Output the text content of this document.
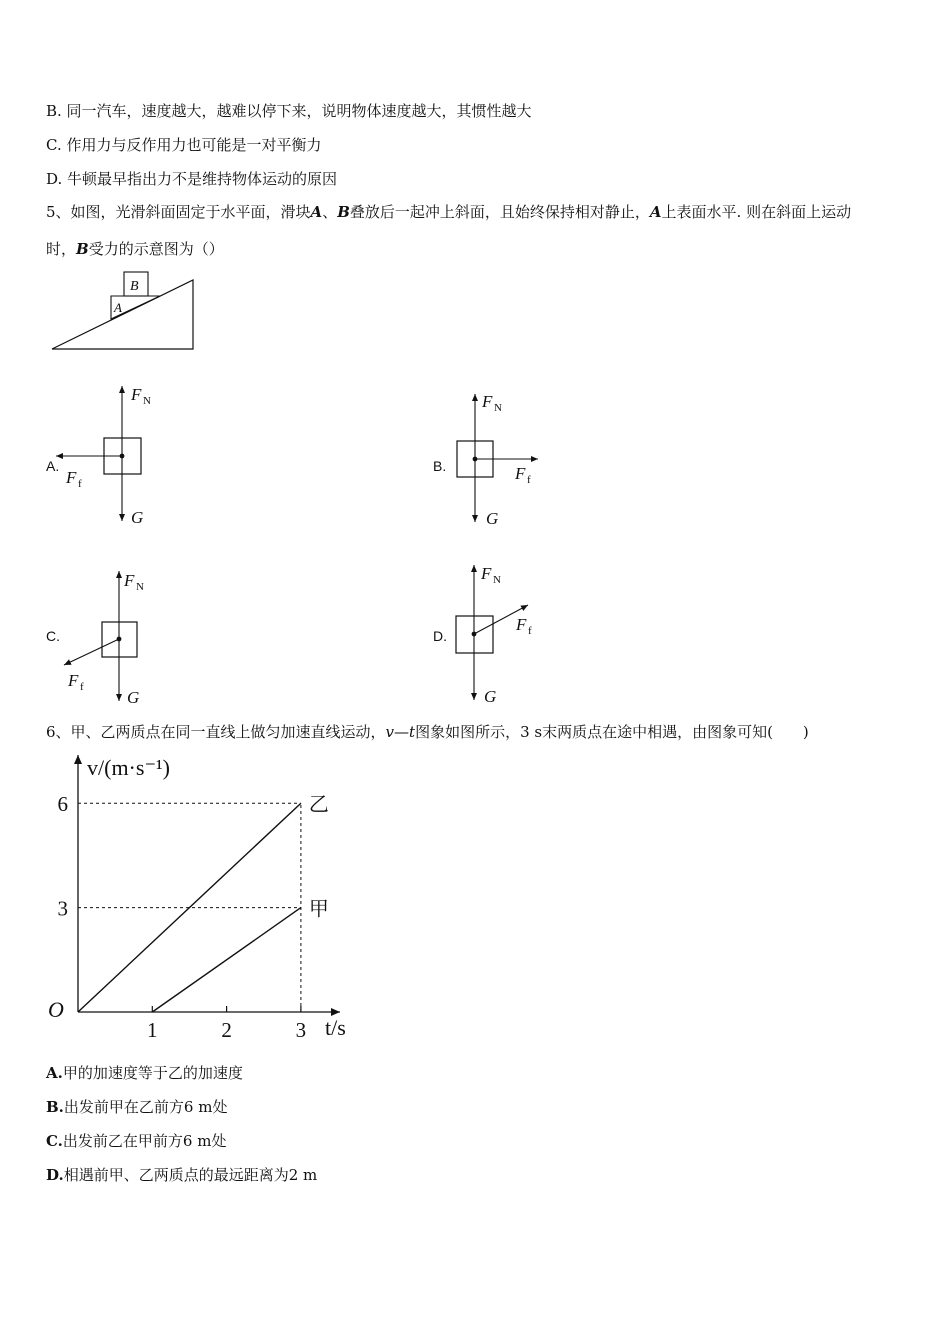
B. 同一汽车，速度越大，越难以停下来，说明物体速度越大，其惯性越大
C. 作用力与反作用力也可能是一对平衡力
D. 牛顿最早指出力不是维持物体运动的原因
5、如图，光滑斜面固定于水平面，滑块A、B叠放后一起冲上斜面，且始终保持相对静止，A上表面水平. 则在斜面上运动
时，B受力的示意图为（）
A
B
F N
F f
G
F N
F f
G
F N
F f
G
F N
F f
G
A.	B.
C.	D.
6、甲、乙两质点在同一直线上做匀加速直线运动，v—t图象如图所示，3 s末两质点在途中相遇，由图象可知(　　)
乙
甲
1	2	3
3
6
v/(m·s⁻¹)
t/s
O
A.甲的加速度等于乙的加速度
B.出发前甲在乙前方6 m处
C.出发前乙在甲前方6 m处
D.相遇前甲、乙两质点的最远距离为2 m
